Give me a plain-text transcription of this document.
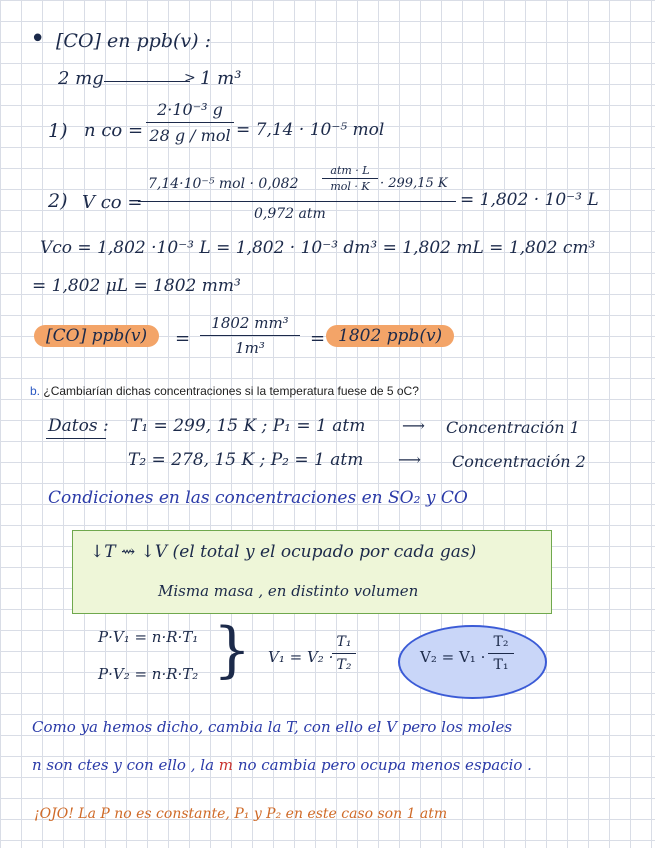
• [CO] en ppb(v) :
2 mg	> 1 m³
1) n co =
2·10⁻³ g
28 g / mol = 7,14 · 10⁻⁵ mol
2) V co =
7,14·10⁻⁵ mol · 0,082
atm · L
mol · K · 299,15 K
0,972 atm
= 1,802 · 10⁻³ L
Vco = 1,802 ·10⁻³ L = 1,802 · 10⁻³ dm³ = 1,802 mL = 1,802 cm³
= 1,802 μL = 1802 mm³
[CO] ppb(v)	=
1802 mm³
1m³	= 1802 ppb(v)
b. ¿Cambiarían dichas concentraciones si la temperatura fuese de 5 oC?
Datos : T₁ = 299, 15 K ; P₁ = 1 atm ⟶ Concentración 1
T₂ = 278, 15 K ; P₂ = 1 atm ⟶ Concentración 2
Condiciones en las concentraciones en SO₂ y CO
↓T ⇝ ↓V (el total y el ocupado por cada gas)
Misma masa , en distinto volumen
P·V₁ = n·R·T₁
P·V₂ = n·R·T₂ } V₁ = V₂ ·
T₁
T₂	V₂ = V₁ ·
T₂
T₁
Como ya hemos dicho, cambia la T, con ello el V pero los moles
n son ctes y con ello , la m no cambia pero ocupa menos espacio .
¡OJO! La P no es constante, P₁ y P₂ en este caso son 1 atm
